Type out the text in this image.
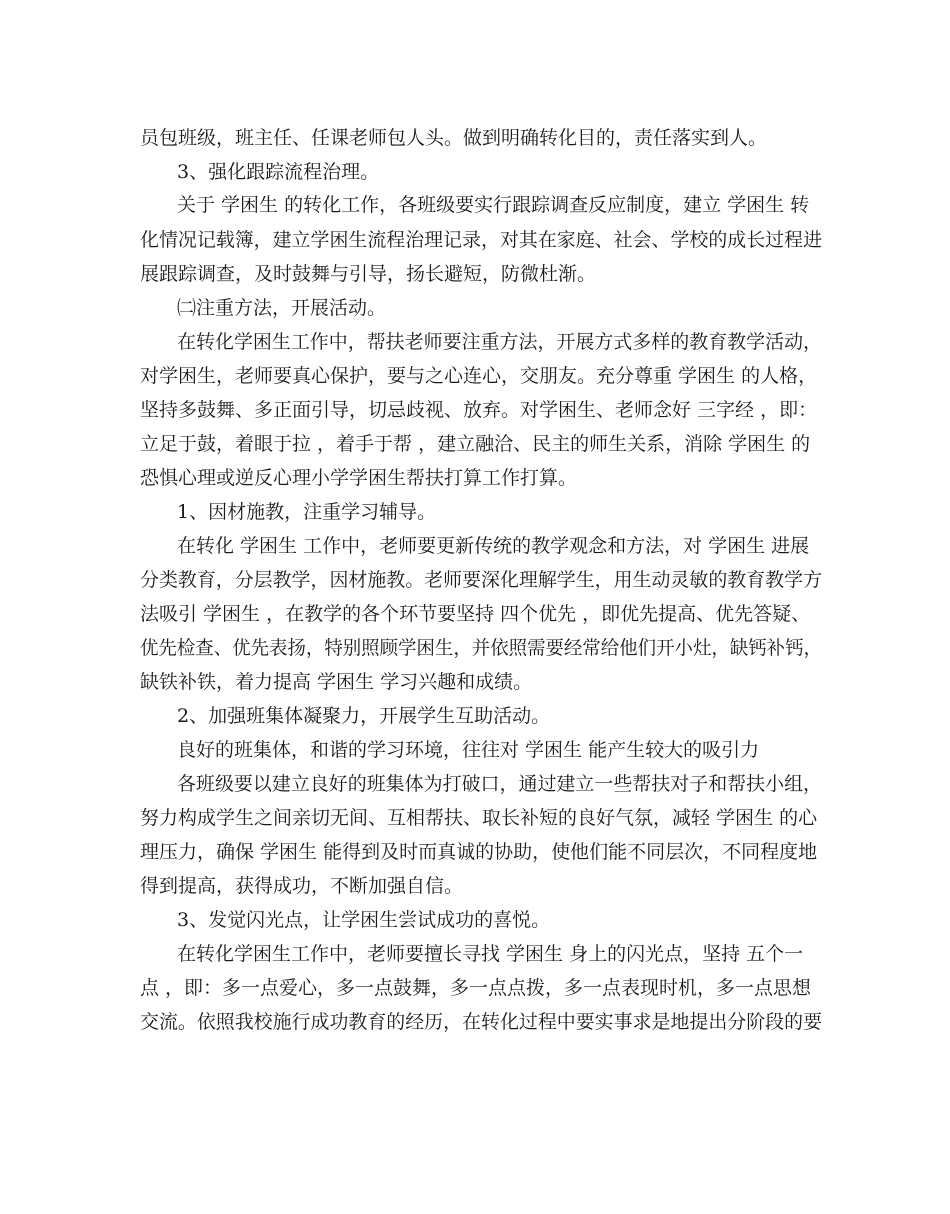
员包班级，班主任、任课老师包人头。做到明确转化目的，责任落实到人。
3、强化跟踪流程治理。
关于 学困生 的转化工作，各班级要实行跟踪调查反应制度，建立 学困生 转
化情况记载簿，建立学困生流程治理记录，对其在家庭、社会、学校的成长过程进
展跟踪调查，及时鼓舞与引导，扬长避短，防微杜渐。
㈡注重方法，开展活动。
在转化学困生工作中，帮扶老师要注重方法，开展方式多样的教育教学活动，
对学困生，老师要真心保护，要与之心连心，交朋友。充分尊重 学困生 的人格，
坚持多鼓舞、多正面引导，切忌歧视、放弃。对学困生、老师念好 三字经 ，即：
立足于鼓，着眼于拉 ，着手于帮 ，建立融洽、民主的师生关系，消除 学困生 的
恐惧心理或逆反心理小学学困生帮扶打算工作打算。
1、因材施教，注重学习辅导。
在转化 学困生 工作中，老师要更新传统的教学观念和方法，对 学困生 进展
分类教育，分层教学，因材施教。老师要深化理解学生，用生动灵敏的教育教学方
法吸引 学困生 ，在教学的各个环节要坚持 四个优先 ，即优先提高、优先答疑、
优先检查、优先表扬，特别照顾学困生，并依照需要经常给他们开小灶，缺钙补钙，
缺铁补铁，着力提高 学困生 学习兴趣和成绩。
2、加强班集体凝聚力，开展学生互助活动。
良好的班集体，和谐的学习环境，往往对 学困生 能产生较大的吸引力
各班级要以建立良好的班集体为打破口，通过建立一些帮扶对子和帮扶小组，
努力构成学生之间亲切无间、互相帮扶、取长补短的良好气氛，减轻 学困生 的心
理压力，确保 学困生 能得到及时而真诚的协助，使他们能不同层次，不同程度地
得到提高，获得成功，不断加强自信。
3、发觉闪光点，让学困生尝试成功的喜悦。
在转化学困生工作中，老师要擅长寻找 学困生 身上的闪光点，坚持 五个一
点 ，即：多一点爱心，多一点鼓舞，多一点点拨，多一点表现时机，多一点思想
交流。依照我校施行成功教育的经历，在转化过程中要实事求是地提出分阶段的要
